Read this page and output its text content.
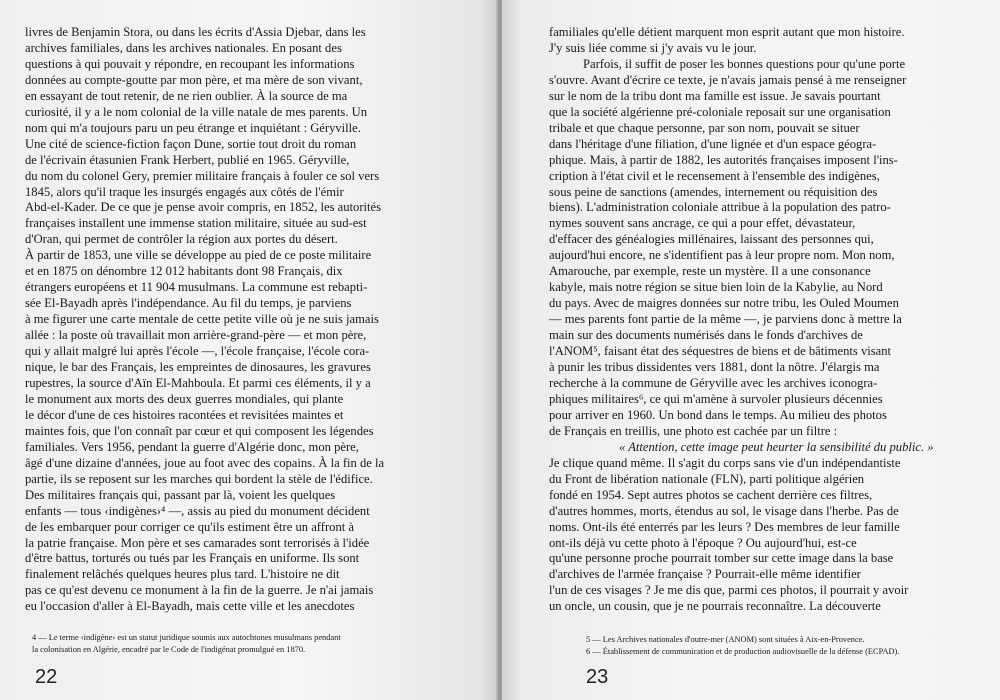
livres de Benjamin Stora, ou dans les écrits d'Assia Djebar, dans les
archives familiales, dans les archives nationales. En posant des
questions à qui pouvait y répondre, en recoupant les informations
données au compte-goutte par mon père, et ma mère de son vivant,
en essayant de tout retenir, de ne rien oublier. À la source de ma
curiosité, il y a le nom colonial de la ville natale de mes parents. Un
nom qui m'a toujours paru un peu étrange et inquiétant : Géryville.
Une cité de science-fiction façon Dune, sortie tout droit du roman
de l'écrivain étasunien Frank Herbert, publié en 1965. Géryville,
du nom du colonel Gery, premier militaire français à fouler ce sol vers
1845, alors qu'il traque les insurgés engagés aux côtés de l'émir
Abd-el-Kader. De ce que je pense avoir compris, en 1852, les autorités
françaises installent une immense station militaire, située au sud-est
d'Oran, qui permet de contrôler la région aux portes du désert.
À partir de 1853, une ville se développe au pied de ce poste militaire
et en 1875 on dénombre 12 012 habitants dont 98 Français, dix
étrangers européens et 11 904 musulmans. La commune est rebapti-
sée El-Bayadh après l'indépendance. Au fil du temps, je parviens
à me figurer une carte mentale de cette petite ville où je ne suis jamais
allée : la poste où travaillait mon arrière-grand-père — et mon père,
qui y allait malgré lui après l'école —, l'école française, l'école cora-
nique, le bar des Français, les empreintes de dinosaures, les gravures
rupestres, la source d'Aïn El-Mahboula. Et parmi ces éléments, il y a
le monument aux morts des deux guerres mondiales, qui plante
le décor d'une de ces histoires racontées et revisitées maintes et
maintes fois, que l'on connaît par cœur et qui composent les légendes
familiales. Vers 1956, pendant la guerre d'Algérie donc, mon père,
âgé d'une dizaine d'années, joue au foot avec des copains. À la fin de la
partie, ils se reposent sur les marches qui bordent la stèle de l'édifice.
Des militaires français qui, passant par là, voient les quelques
enfants — tous ‹indigènes›⁴ —, assis au pied du monument décident
de les embarquer pour corriger ce qu'ils estiment être un affront à
la patrie française. Mon père et ses camarades sont terrorisés à l'idée
d'être battus, torturés ou tués par les Français en uniforme. Ils sont
finalement relâchés quelques heures plus tard. L'histoire ne dit
pas ce qu'est devenu ce monument à la fin de la guerre. Je n'ai jamais
eu l'occasion d'aller à El-Bayadh, mais cette ville et les anecdotes
4 — Le terme ‹indigène› est un statut juridique soumis aux autochtones musulmans pendant
la colonisation en Algérie, encadré par le Code de l'indigénat promulgué en 1870.
22
familiales qu'elle détient marquent mon esprit autant que mon histoire.
J'y suis liée comme si j'y avais vu le jour.
Parfois, il suffit de poser les bonnes questions pour qu'une porte
s'ouvre. Avant d'écrire ce texte, je n'avais jamais pensé à me renseigner
sur le nom de la tribu dont ma famille est issue. Je savais pourtant
que la société algérienne pré-coloniale reposait sur une organisation
tribale et que chaque personne, par son nom, pouvait se situer
dans l'héritage d'une filiation, d'une lignée et d'un espace géogra-
phique. Mais, à partir de 1882, les autorités françaises imposent l'ins-
cription à l'état civil et le recensement à l'ensemble des indigènes,
sous peine de sanctions (amendes, internement ou réquisition des
biens). L'administration coloniale attribue à la population des patro-
nymes souvent sans ancrage, ce qui a pour effet, dévastateur,
d'effacer des généalogies millénaires, laissant des personnes qui,
aujourd'hui encore, ne s'identifient pas à leur propre nom. Mon nom,
Amarouche, par exemple, reste un mystère. Il a une consonance
kabyle, mais notre région se situe bien loin de la Kabylie, au Nord
du pays. Avec de maigres données sur notre tribu, les Ouled Moumen
— mes parents font partie de la même —, je parviens donc à mettre la
main sur des documents numérisés dans le fonds d'archives de
l'ANOM⁵, faisant état des séquestres de biens et de bâtiments visant
à punir les tribus dissidentes vers 1881, dont la nôtre. J'élargis ma
recherche à la commune de Géryville avec les archives iconogra-
phiques militaires⁶, ce qui m'amène à survoler plusieurs décennies
pour arriver en 1960. Un bond dans le temps. Au milieu des photos
de Français en treillis, une photo est cachée par un filtre :
« Attention, cette image peut heurter la sensibilité du public. »
Je clique quand même. Il s'agit du corps sans vie d'un indépendantiste
du Front de libération nationale (FLN), parti politique algérien
fondé en 1954. Sept autres photos se cachent derrière ces filtres,
d'autres hommes, morts, étendus au sol, le visage dans l'herbe. Pas de
noms. Ont-ils été enterrés par les leurs ? Des membres de leur famille
ont-ils déjà vu cette photo à l'époque ? Ou aujourd'hui, est-ce
qu'une personne proche pourrait tomber sur cette image dans la base
d'archives de l'armée française ? Pourrait-elle même identifier
l'un de ces visages ? Je me dis que, parmi ces photos, il pourrait y avoir
un oncle, un cousin, que je ne pourrais reconnaître. La découverte
5 — Les Archives nationales d'outre-mer (ANOM) sont situées à Aix-en-Provence.
6 — Établissement de communication et de production audiovisuelle de la défense (ECPAD).
23
